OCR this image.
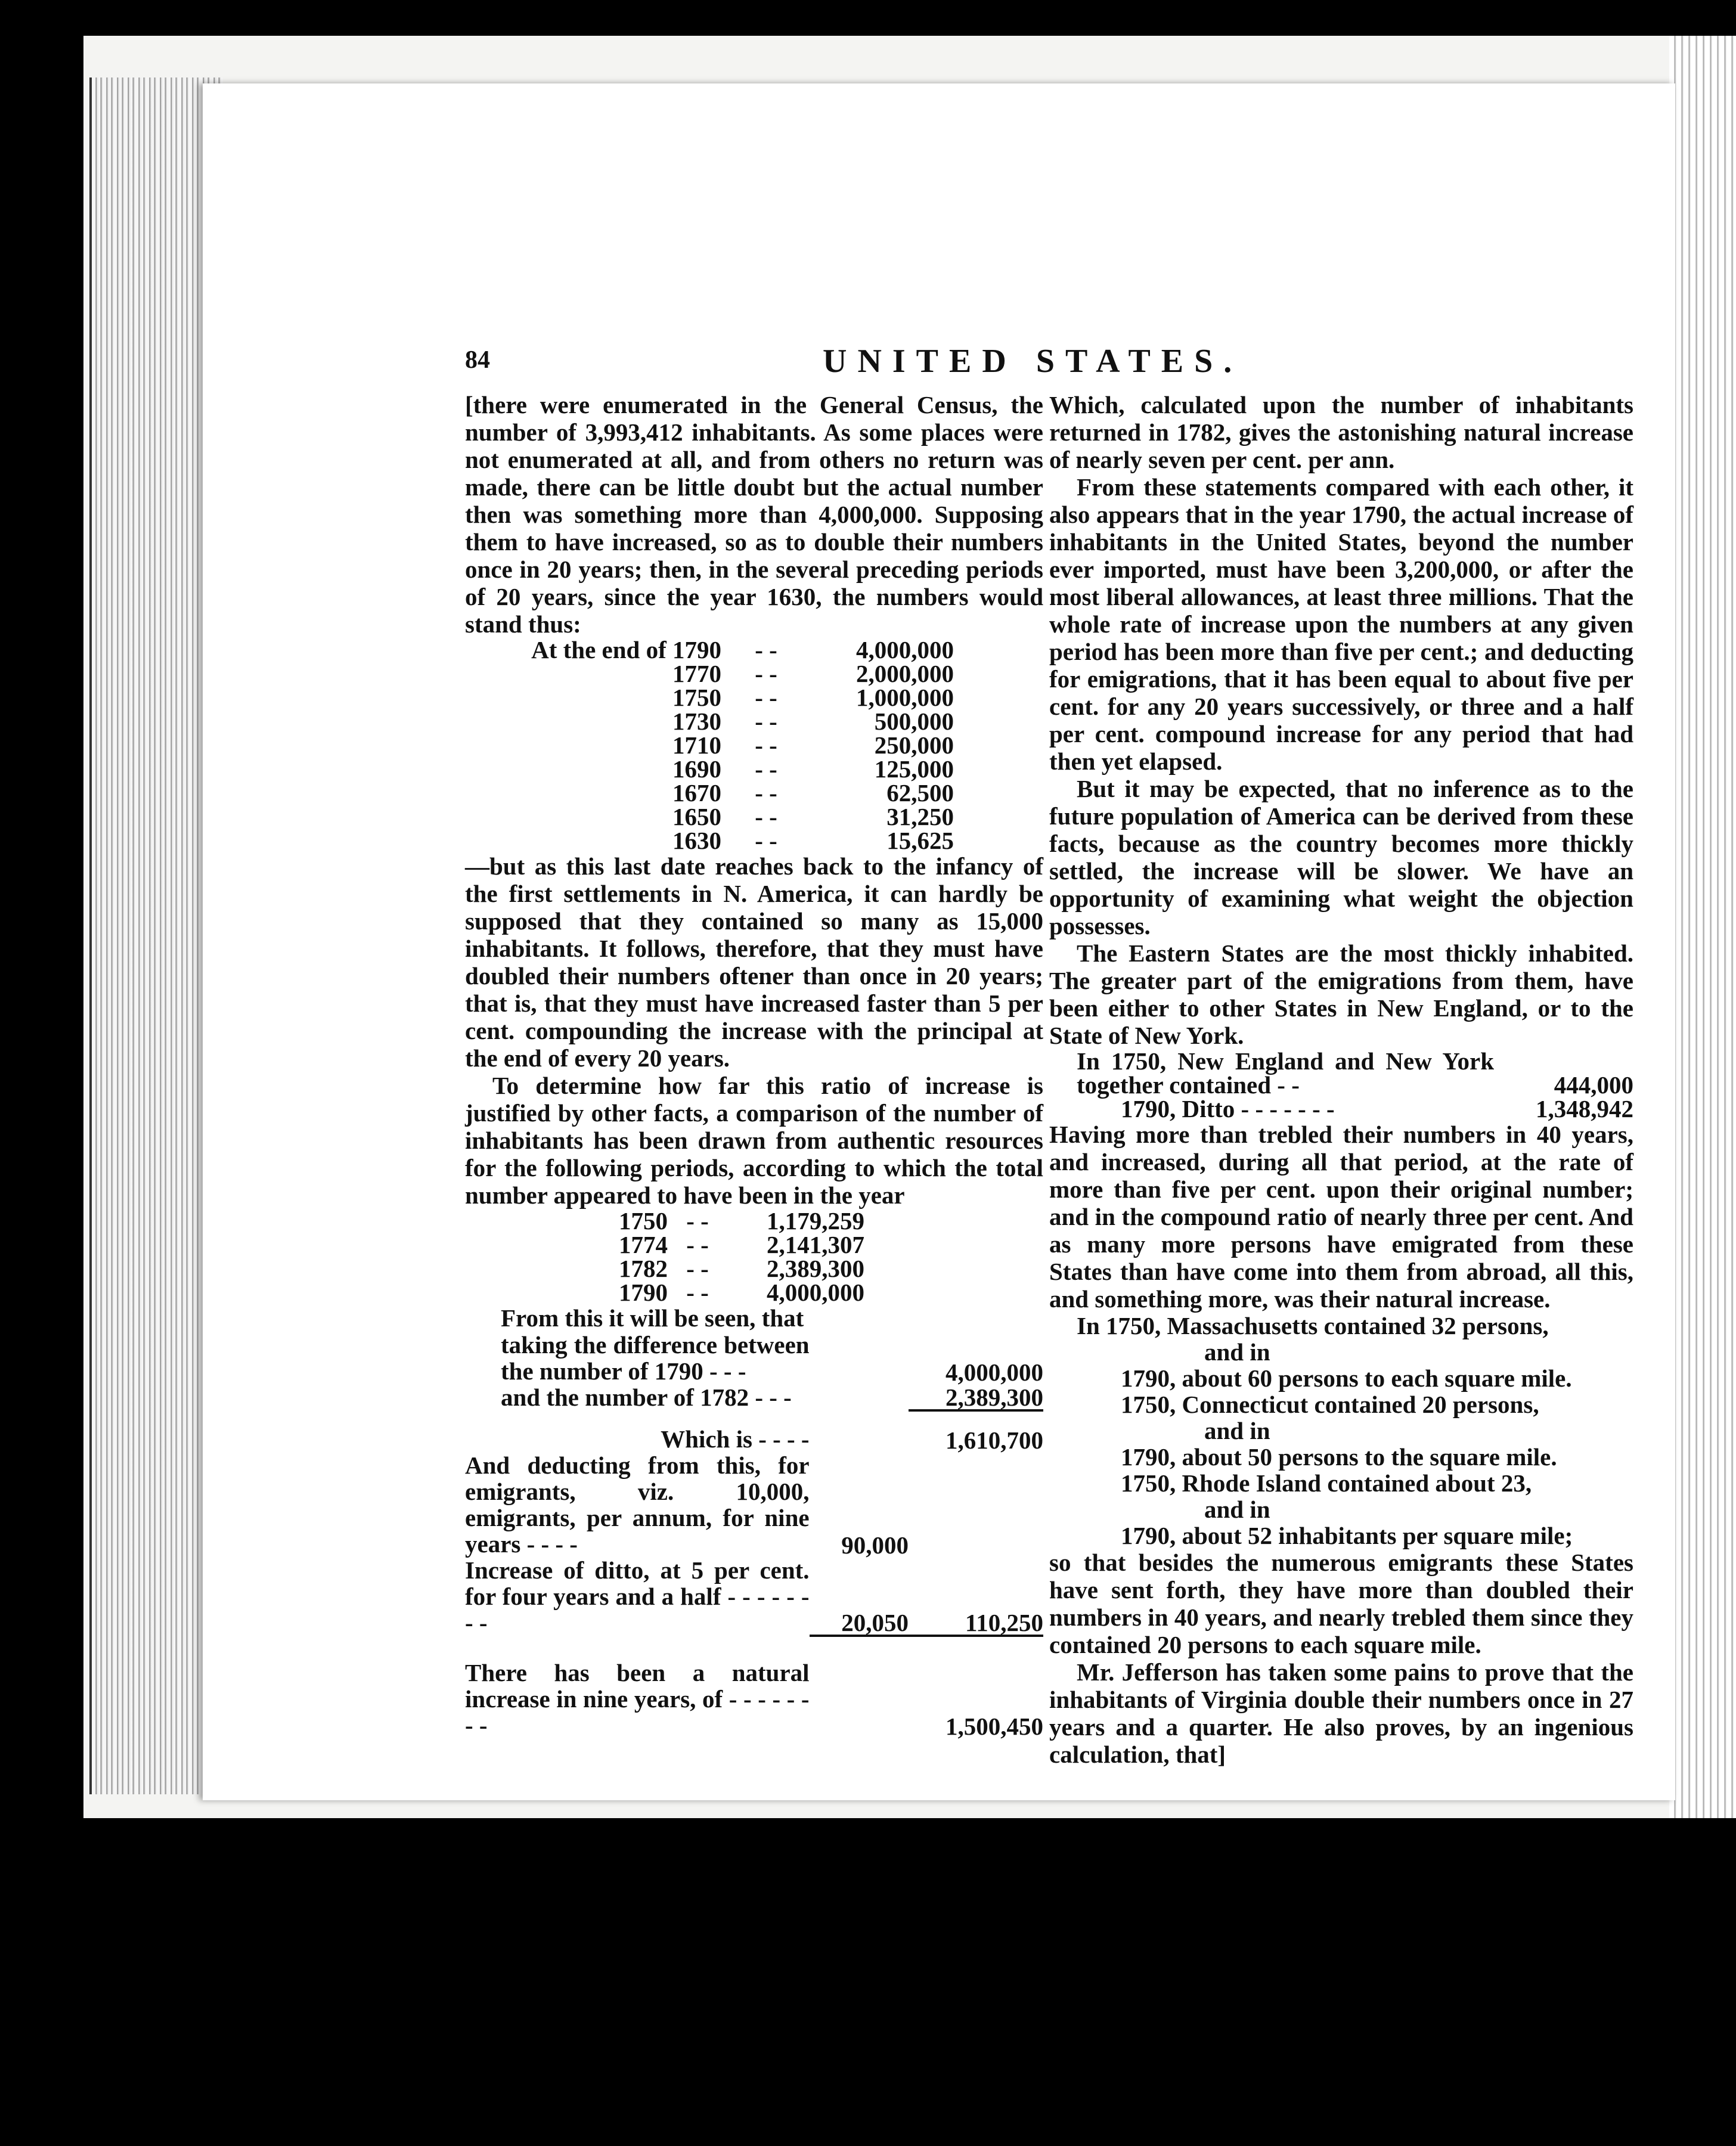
84	UNITED STATES.

[there were enumerated in the General Census, the number of 3,993,412 inhabitants. As some places were not enumerated at all, and from others no return was made, there can be little doubt but the actual number then was something more than 4,000,000. Supposing them to have increased, so as to double their numbers once in 20 years; then, in the several preceding periods of 20 years, since the year 1630, the numbers would stand thus:

At the end of 1790	- -	4,000,000
1770	- -	2,000,000
1750	- -	1,000,000
1730	- -	500,000
1710	- -	250,000
1690	- -	125,000
1670	- -	62,500
1650	- -	31,250
1630	- -	15,625

—but as this last date reaches back to the infancy of the first settlements in N. America, it can hardly be supposed that they contained so many as 15,000 inhabitants. It follows, therefore, that they must have doubled their numbers oftener than once in 20 years; that is, that they must have increased faster than 5 per cent. compounding the increase with the principal at the end of every 20 years.

To determine how far this ratio of increase is justified by other facts, a comparison of the number of inhabitants has been drawn from authentic resources for the following periods, according to which the total number appeared to have been in the year

1750	- -	1,179,259
1774	- -	2,141,307
1782	- -	2,389,300
1790	- -	4,000,000

From this it will be seen, that

taking the difference between the number of 1790 - - -		4,000,000
and the number of 1782 - - -		2,389,300
Which is - - - -		1,610,700
And deducting from this, for emigrants, viz. 10,000, emigrants, per annum, for nine years - - - -	90,000	
Increase of ditto, at 5 per cent. for four years and a half - - - - - - - -	20,050	110,250
There has been a natural increase in nine years, of - - - - - - - -		1,500,450

Which, calculated upon the number of inhabitants returned in 1782, gives the astonishing natural increase of nearly seven per cent. per ann.

From these statements compared with each other, it also appears that in the year 1790, the actual increase of inhabitants in the United States, beyond the number ever imported, must have been 3,200,000, or after the most liberal allowances, at least three millions. That the whole rate of increase upon the numbers at any given period has been more than five per cent.; and deducting for emigrations, that it has been equal to about five per cent. for any 20 years successively, or three and a half per cent. compound increase for any period that had then yet elapsed.

But it may be expected, that no inference as to the future population of America can be derived from these facts, because as the country becomes more thickly settled, the increase will be slower. We have an opportunity of examining what weight the objection possesses.

The Eastern States are the most thickly inhabited. The greater part of the emigrations from them, have been either to other States in New England, or to the State of New York.

In 1750, New England and New York together contained - -	444,000
1790, Ditto - - - - - - -	1,348,942

Having more than trebled their numbers in 40 years, and increased, during all that period, at the rate of more than five per cent. upon their original number; and in the compound ratio of nearly three per cent. And as many more persons have emigrated from these States than have come into them from abroad, all this, and something more, was their natural increase.

In 1750, Massachusetts contained 32 persons,
and in
1790, about 60 persons to each square mile.
1750, Connecticut contained 20 persons,
and in
1790, about 50 persons to the square mile.
1750, Rhode Island contained about 23,
and in
1790, about 52 inhabitants per square mile;

so that besides the numerous emigrants these States have sent forth, they have more than doubled their numbers in 40 years, and nearly trebled them since they contained 20 persons to each square mile.

Mr. Jefferson has taken some pains to prove that the inhabitants of Virginia double their numbers once in 27 years and a quarter. He also proves, by an ingenious calculation, that]
